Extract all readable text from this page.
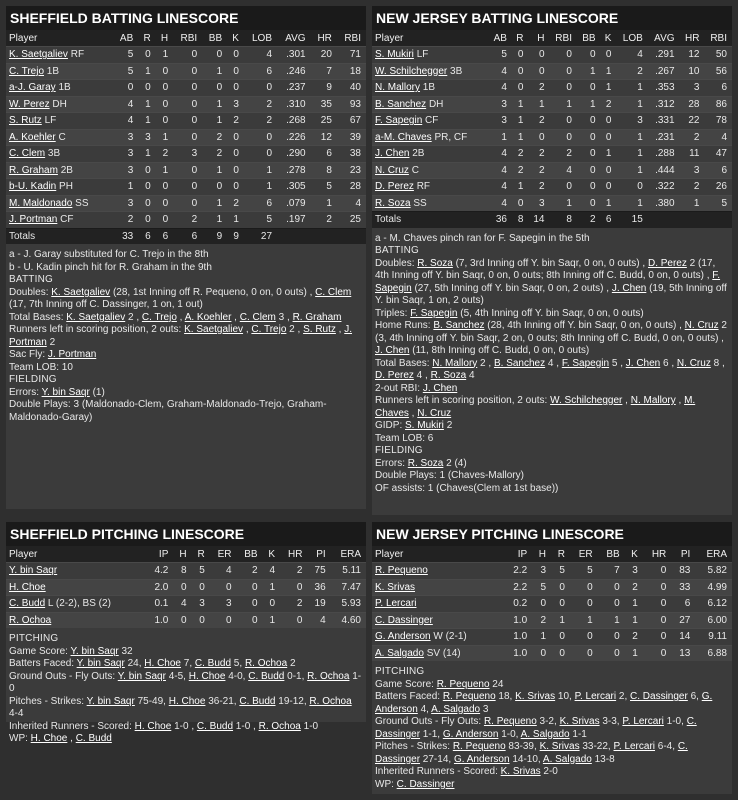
SHEFFIELD BATTING LINESCORE
Player	AB	R	H	RBI	BB	K	LOB	AVG	HR	RBI
K. Saetgaliev RF	5	0	1	0	0	0	4	.301	20	71
C. Trejo 1B	5	1	0	0	1	0	6	.246	7	18
a-J. Garay 1B	0	0	0	0	0	0	0	.237	9	40
W. Perez DH	4	1	0	0	1	3	2	.310	35	93
S. Rutz LF	4	1	0	0	1	2	2	.268	25	67
A. Koehler C	3	3	1	0	2	0	0	.226	12	39
C. Clem 3B	3	1	2	3	2	0	0	.290	6	38
R. Graham 2B	3	0	1	0	1	0	1	.278	8	23
b-U. Kadin PH	1	0	0	0	0	0	1	.305	5	28
M. Maldonado SS	3	0	0	0	1	2	6	.079	1	4
J. Portman CF	2	0	0	2	1	1	5	.197	2	25
Totals	33	6	6	6	9	9	27			

a - J. Garay substituted for C. Trejo in the 8th

b - U. Kadin pinch hit for R. Graham in the 9th

BATTING

Doubles: K. Saetgaliev (28, 1st Inning off R. Pequeno, 0 on, 0 outs) , C. Clem (17, 7th Inning off C. Dassinger, 1 on, 1 out)

Total Bases: K. Saetgaliev 2 , C. Trejo , A. Koehler , C. Clem 3 , R. Graham

Runners left in scoring position, 2 outs: K. Saetgaliev , C. Trejo 2 , S. Rutz , J. Portman 2

Sac Fly: J. Portman

Team LOB: 10

FIELDING

Errors: Y. bin Saqr (1)

Double Plays: 3 (Maldonado-Clem, Graham-Maldonado-Trejo, Graham-Maldonado-Garay)

NEW JERSEY BATTING LINESCORE
Player	AB	R	H	RBI	BB	K	LOB	AVG	HR	RBI
S. Mukiri LF	5	0	0	0	0	0	4	.291	12	50
W. Schilchegger 3B	4	0	0	0	1	1	2	.267	10	56
N. Mallory 1B	4	0	2	0	0	1	1	.353	3	6
B. Sanchez DH	3	1	1	1	1	2	1	.312	28	86
F. Sapegin CF	3	1	2	0	0	0	3	.331	22	78
a-M. Chaves PR, CF	1	1	0	0	0	0	1	.231	2	4
J. Chen 2B	4	2	2	2	0	1	1	.288	11	47
N. Cruz C	4	2	2	4	0	0	1	.444	3	6
D. Perez RF	4	1	2	0	0	0	0	.322	2	26
R. Soza SS	4	0	3	1	0	1	1	.380	1	5
Totals	36	8	14	8	2	6	15			

a - M. Chaves pinch ran for F. Sapegin in the 5th

BATTING

Doubles: R. Soza (7, 3rd Inning off Y. bin Saqr, 0 on, 0 outs) , D. Perez 2 (17, 4th Inning off Y. bin Saqr, 0 on, 0 outs; 8th Inning off C. Budd, 0 on, 0 outs) , F. Sapegin (27, 5th Inning off Y. bin Saqr, 0 on, 2 outs) , J. Chen (19, 5th Inning off Y. bin Saqr, 1 on, 2 outs)

Triples: F. Sapegin (5, 4th Inning off Y. bin Saqr, 0 on, 0 outs)

Home Runs: B. Sanchez (28, 4th Inning off Y. bin Saqr, 0 on, 0 outs) , N. Cruz 2 (3, 4th Inning off Y. bin Saqr, 2 on, 0 outs; 8th Inning off C. Budd, 0 on, 0 outs) , J. Chen (11, 8th Inning off C. Budd, 0 on, 0 outs)

Total Bases: N. Mallory 2 , B. Sanchez 4 , F. Sapegin 5 , J. Chen 6 , N. Cruz 8 , D. Perez 4 , R. Soza 4

2-out RBI: J. Chen

Runners left in scoring position, 2 outs: W. Schilchegger , N. Mallory , M. Chaves , N. Cruz

GIDP: S. Mukiri 2

Team LOB: 6

FIELDING

Errors: R. Soza 2 (4)

Double Plays: 1 (Chaves-Mallory)

OF assists: 1 (Chaves(Clem at 1st base))

SHEFFIELD PITCHING LINESCORE
Player	IP	H	R	ER	BB	K	HR	PI	ERA
Y. bin Saqr	4.2	8	5	4	2	4	2	75	5.11
H. Choe	2.0	0	0	0	0	1	0	36	7.47
C. Budd L (2-2), BS (2)	0.1	4	3	3	0	0	2	19	5.93
R. Ochoa	1.0	0	0	0	0	1	0	4	4.60

PITCHING

Game Score: Y. bin Saqr 32

Batters Faced: Y. bin Saqr 24, H. Choe 7, C. Budd 5, R. Ochoa 2

Ground Outs - Fly Outs: Y. bin Saqr 4-5, H. Choe 4-0, C. Budd 0-1, R. Ochoa 1-0

Pitches - Strikes: Y. bin Saqr 75-49, H. Choe 36-21, C. Budd 19-12, R. Ochoa 4-4

Inherited Runners - Scored: H. Choe 1-0 , C. Budd 1-0 , R. Ochoa 1-0

WP: H. Choe , C. Budd

NEW JERSEY PITCHING LINESCORE
Player	IP	H	R	ER	BB	K	HR	PI	ERA
R. Pequeno	2.2	3	5	5	7	3	0	83	5.82
K. Srivas	2.2	5	0	0	0	2	0	33	4.99
P. Lercari	0.2	0	0	0	0	1	0	6	6.12
C. Dassinger	1.0	2	1	1	1	1	0	27	6.00
G. Anderson W (2-1)	1.0	1	0	0	0	2	0	14	9.11
A. Salgado SV (14)	1.0	0	0	0	0	1	0	13	6.88

PITCHING

Game Score: R. Pequeno 24

Batters Faced: R. Pequeno 18, K. Srivas 10, P. Lercari 2, C. Dassinger 6, G. Anderson 4, A. Salgado 3

Ground Outs - Fly Outs: R. Pequeno 3-2, K. Srivas 3-3, P. Lercari 1-0, C. Dassinger 1-1, G. Anderson 1-0, A. Salgado 1-1

Pitches - Strikes: R. Pequeno 83-39, K. Srivas 33-22, P. Lercari 6-4, C. Dassinger 27-14, G. Anderson 14-10, A. Salgado 13-8

Inherited Runners - Scored: K. Srivas 2-0

WP: C. Dassinger
